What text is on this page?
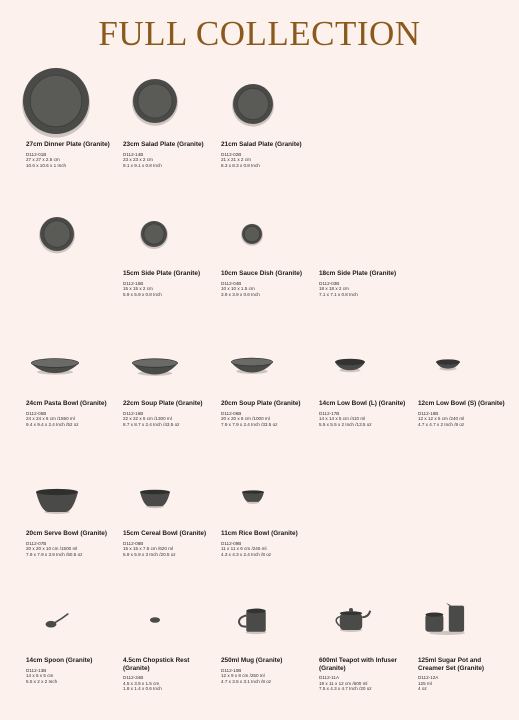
FULL COLLECTION
27cm Dinner Plate (Granite)
D112-01B
27 x 27 x 2.5 cm
10.6 x 10.6 x 1 Inch
23cm Salad Plate (Granite)
D112-14B
23 x 23 x 2 cm
9.1 x 9.1 x 0.8 Inch
21cm Salad Plate (Granite)
D112-02B
21 x 21 x 2 cm
8.3 x 8.3 x 0.8 Inch
18cm Side Plate (Granite)
D112-03B
18 x 18 x 2 cm
7.1 x 7.1 x 0.8 Inch
15cm Side Plate (Granite)
D112-15B
15 x 15 x 2 cm
5.9 x 5.9 x 0.8 Inch
10cm Sauce Dish (Granite)
D112-04B
10 x 10 x 1.5 cm
3.9 x 3.9 x 0.6 Inch
24cm Pasta Bowl (Granite)
D112-05B
24 x 24 x 6 cm /1550 ml
9.4 x 9.4 x 2.4 Inch /52 oz
22cm Soup Plate (Granite)
D112-16B
22 x 22 x 6 cm /1300 ml
8.7 x 8.7 x 2.4 Inch /43.5 oz
20cm Soup Plate (Granite)
D112-06B
20 x 20 x 6 cm /1000 ml
7.9 x 7.9 x 2.4 Inch /33.5 oz
14cm Low Bowl (L) (Granite)
D112-17B
14 x 14 x 5 cm /410 ml
5.5 x 5.5 x 2 Inch /13.5 oz
12cm Low Bowl (S) (Granite)
D112-18B
12 x 12 x 5 cm /240 ml
4.7 x 4.7 x 2 Inch /8 oz
20cm Serve Bowl (Granite)
D112-07B
20 x 20 x 10 cm /1500 ml
7.9 x 7.9 x 3.9 Inch /50.5 oz
15cm Cereal Bowl (Granite)
D112-08B
15 x 15 x 7.5 cm /620 ml
5.9 x 5.9 x 3 Inch /20.5 oz
11cm Rice Bowl (Granite)
D112-09B
11 x 11 x 6 cm /245 ml
4.3 x 4.3 x 2.4 Inch /8 oz
14cm Spoon (Granite)
D112-13B
14 x 5 x 5 cm
5.5 x 2 x 2 Inch
4.5cm Chopstick Rest (Granite)
D112-34B
4.5 x 3.5 x 1.5 cm
1.8 x 1.4 x 0.6 Inch
250ml Mug (Granite)
D112-10B
12 x 9 x 8 cm /250 ml
4.7 x 3.5 x 3.1 Inch /8 oz
600ml Teapot with Infuser (Granite)
D112-11A
19 x 11 x 12 cm /600 ml
7.5 x 4.3 x 4.7 Inch /20 oz
125ml Sugar Pot and Creamer Set (Granite)
D112-12A
125 ml
4 oz
